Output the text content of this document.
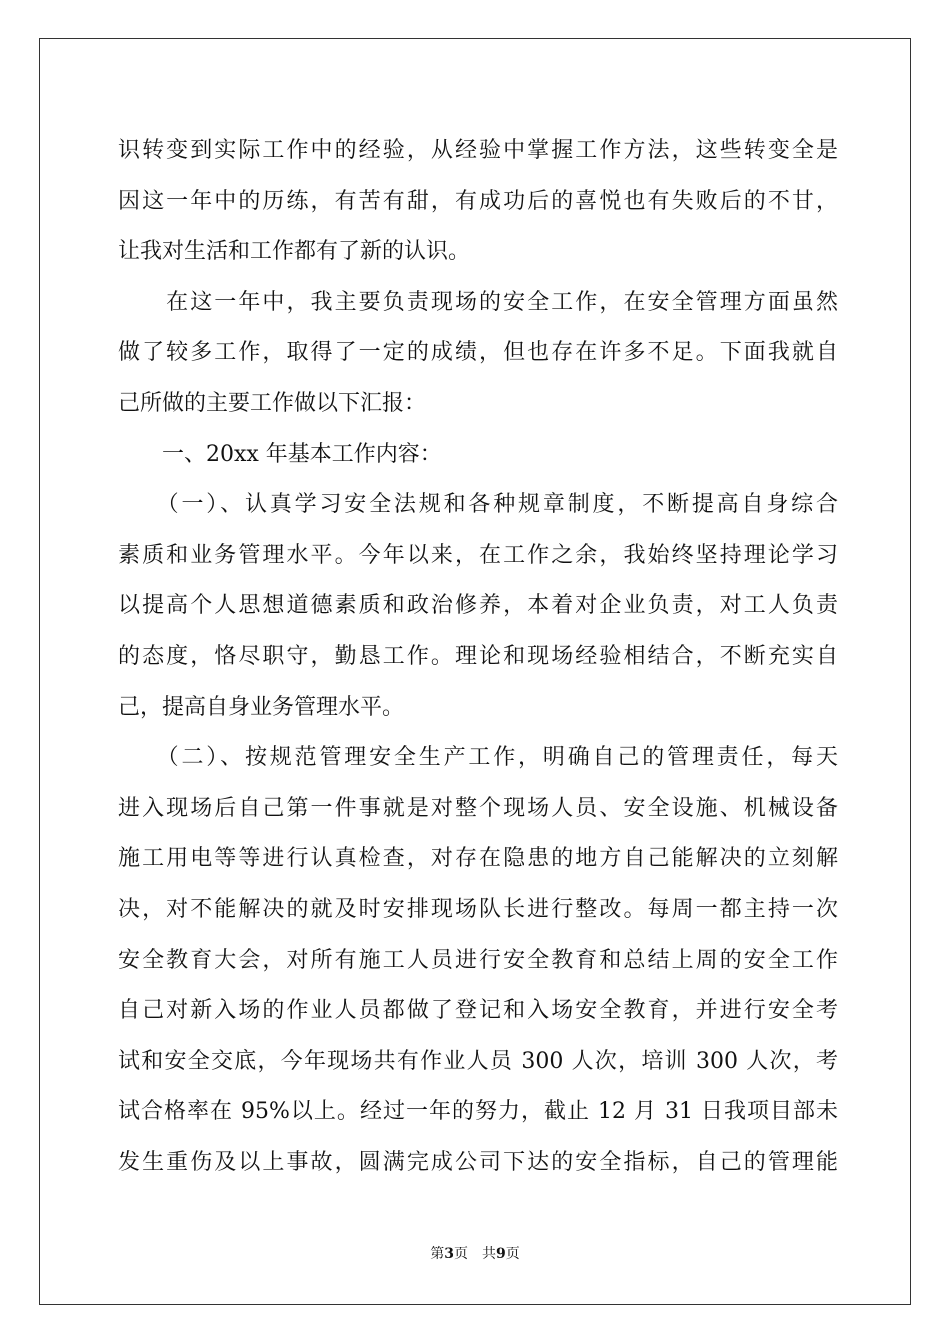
识转变到实际工作中的经验，从经验中掌握工作方法，这些转变全是
因这一年中的历练，有苦有甜，有成功后的喜悦也有失败后的不甘，
让我对生活和工作都有了新的认识。
　　在这一年中，我主要负责现场的安全工作，在安全管理方面虽然
做了较多工作，取得了一定的成绩，但也存在许多不足。下面我就自
己所做的主要工作做以下汇报：
　　一、20xx 年基本工作内容：
　　（一）、认真学习安全法规和各种规章制度，不断提高自身综合
素质和业务管理水平。今年以来，在工作之余，我始终坚持理论学习
以提高个人思想道德素质和政治修养，本着对企业负责，对工人负责
的态度，恪尽职守，勤恳工作。理论和现场经验相结合，不断充实自
己，提高自身业务管理水平。
　　（二）、按规范管理安全生产工作，明确自己的管理责任，每天
进入现场后自己第一件事就是对整个现场人员、安全设施、机械设备
施工用电等等进行认真检查，对存在隐患的地方自己能解决的立刻解
决，对不能解决的就及时安排现场队长进行整改。每周一都主持一次
安全教育大会，对所有施工人员进行安全教育和总结上周的安全工作
自己对新入场的作业人员都做了登记和入场安全教育，并进行安全考
试和安全交底，今年现场共有作业人员 300 人次，培训 300 人次，考
试合格率在 95%以上。经过一年的努力，截止 12 月 31 日我项目部未
发生重伤及以上事故，圆满完成公司下达的安全指标，自己的管理能
第3页 共9页
